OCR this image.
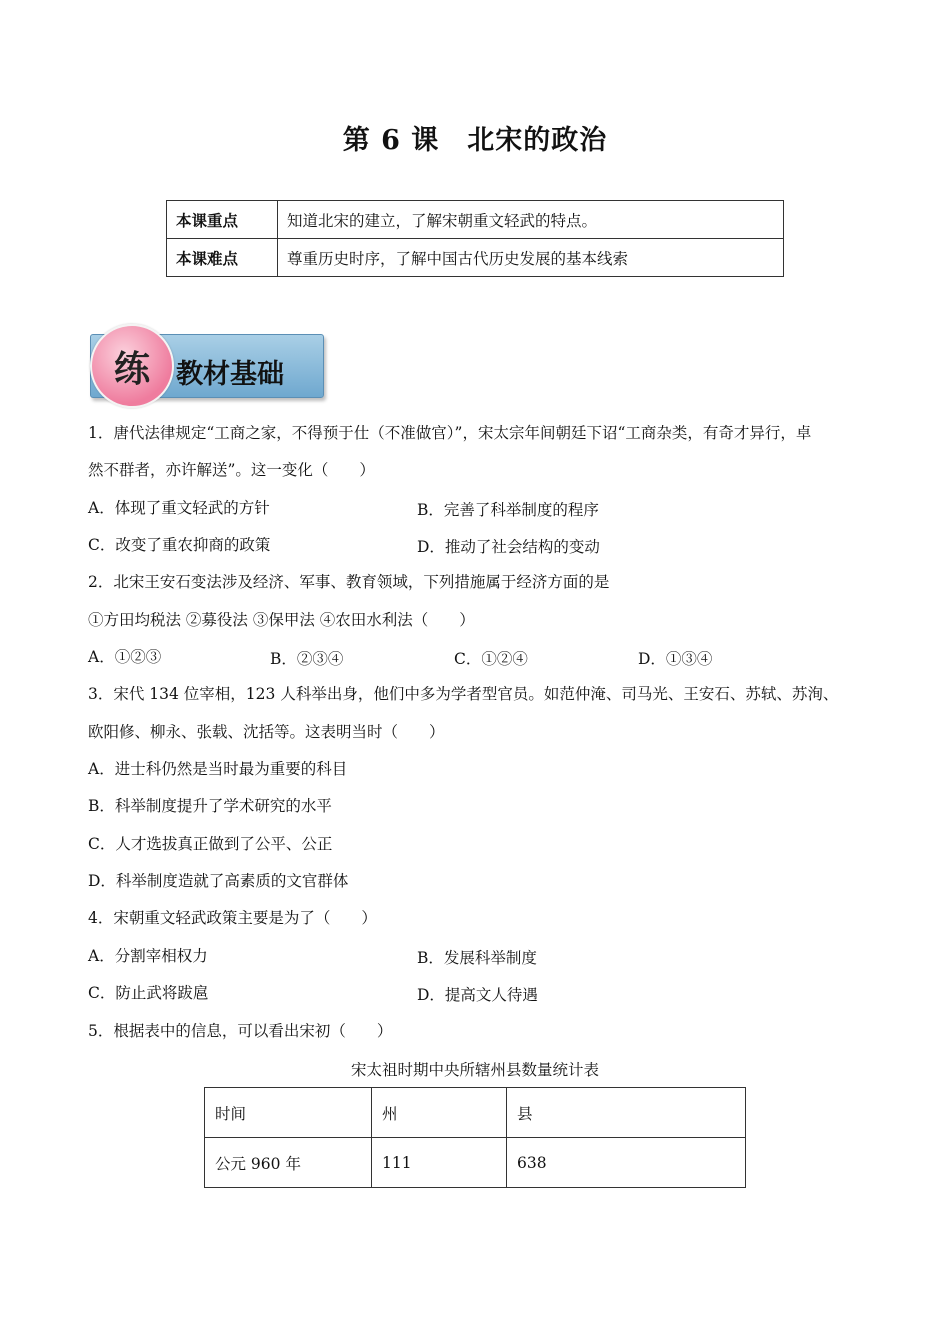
第 6 课　北宋的政治
本课重点	知道北宋的建立，了解宋朝重文轻武的特点。
本课难点	尊重历史时序，了解中国古代历史发展的基本线索
练 教材基础
1．唐代法律规定“工商之家，不得预于仕（不准做官）”，宋太宗年间朝廷下诏“工商杂类，有奇才异行，卓
然不群者，亦许解送”。这一变化（　　）
A．体现了重文轻武的方针	B．完善了科举制度的程序
C．改变了重农抑商的政策	D．推动了社会结构的变动
2．北宋王安石变法涉及经济、军事、教育领域，下列措施属于经济方面的是
①方田均税法 ②募役法 ③保甲法 ④农田水利法（　　）
A．①②③	B．②③④	C．①②④	D．①③④
3．宋代 134 位宰相，123 人科举出身，他们中多为学者型官员。如范仲淹、司马光、王安石、苏轼、苏洵、
欧阳修、柳永、张载、沈括等。这表明当时（　　）
A．进士科仍然是当时最为重要的科目
B．科举制度提升了学术研究的水平
C．人才选拔真正做到了公平、公正
D．科举制度造就了高素质的文官群体
4．宋朝重文轻武政策主要是为了（　　）
A．分割宰相权力	B．发展科举制度
C．防止武将跋扈	D．提高文人待遇
5．根据表中的信息，可以看出宋初（　　）
宋太祖时期中央所辖州县数量统计表
时间	州	县
公元 960 年	111	638
